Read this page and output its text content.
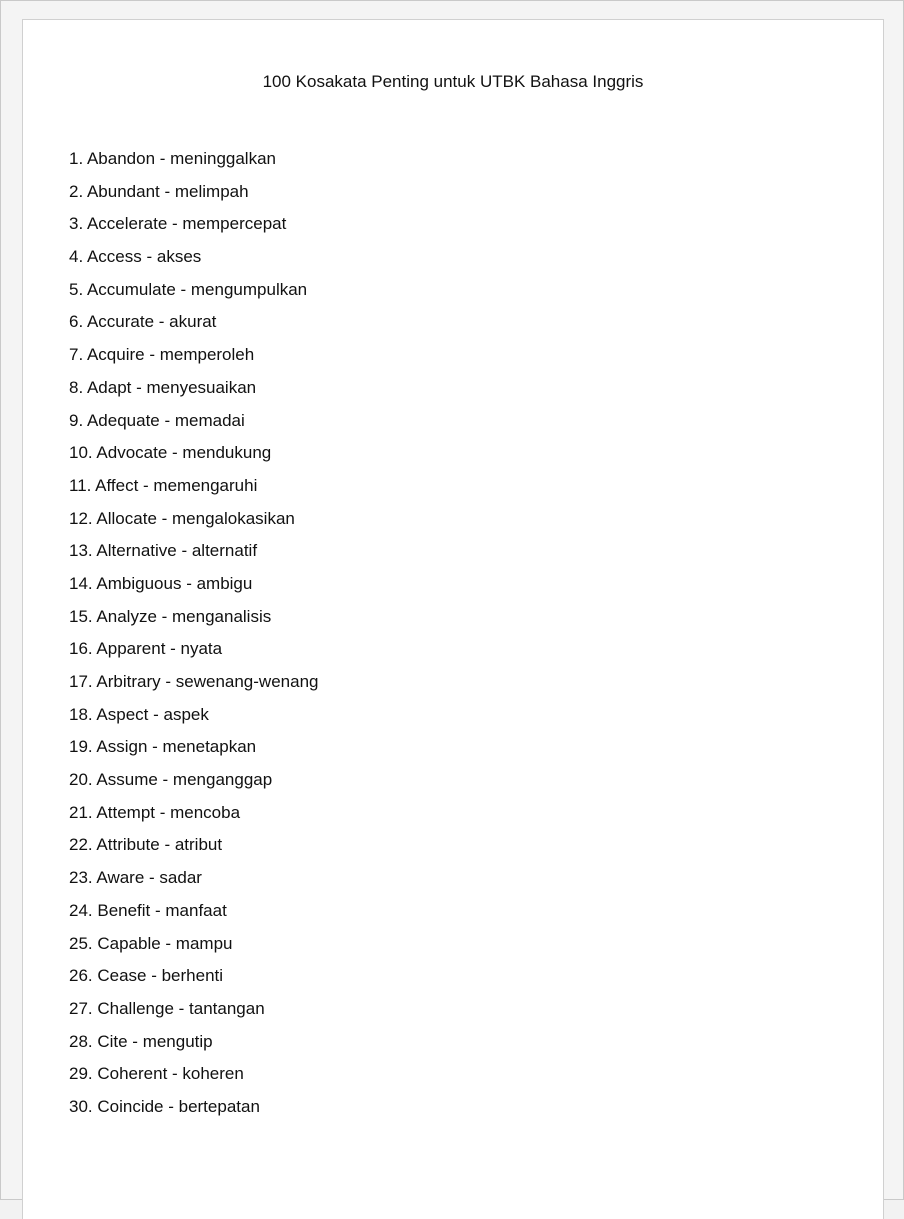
100 Kosakata Penting untuk UTBK Bahasa Inggris
1. Abandon - meninggalkan
2. Abundant - melimpah
3. Accelerate - mempercepat
4. Access - akses
5. Accumulate - mengumpulkan
6. Accurate - akurat
7. Acquire - memperoleh
8. Adapt - menyesuaikan
9. Adequate - memadai
10. Advocate - mendukung
11. Affect - memengaruhi
12. Allocate - mengalokasikan
13. Alternative - alternatif
14. Ambiguous - ambigu
15. Analyze - menganalisis
16. Apparent - nyata
17. Arbitrary - sewenang-wenang
18. Aspect - aspek
19. Assign - menetapkan
20. Assume - menganggap
21. Attempt - mencoba
22. Attribute - atribut
23. Aware - sadar
24. Benefit - manfaat
25. Capable - mampu
26. Cease - berhenti
27. Challenge - tantangan
28. Cite - mengutip
29. Coherent - koheren
30. Coincide - bertepatan
